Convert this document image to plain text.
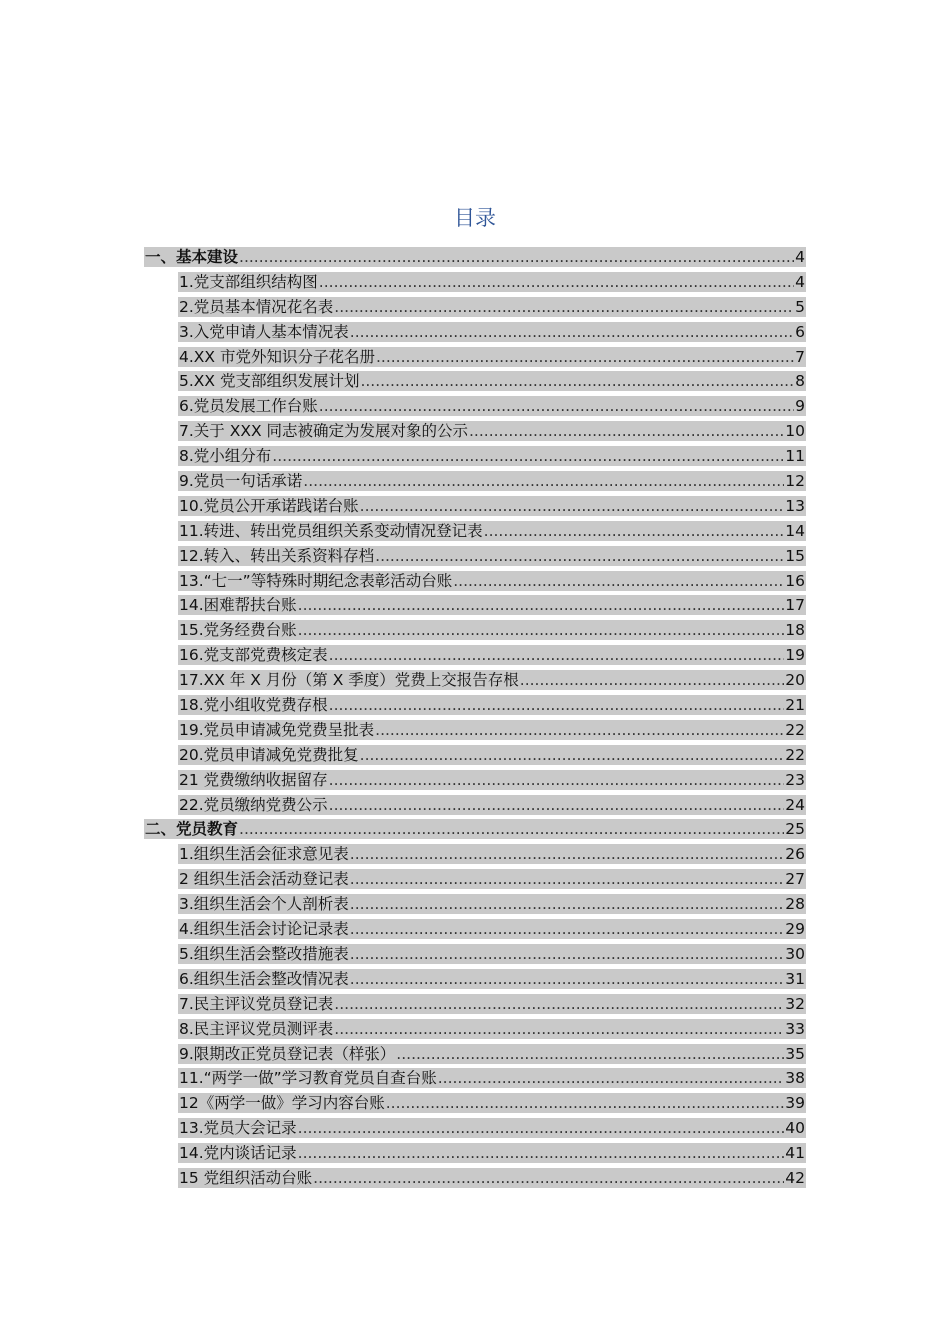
目录
一、基本建设 .....	4
1.党支部组织结构图 .....	4
2.党员基本情况花名表 .....	5
3.入党申请人基本情况表 .....	6
4.XX 市党外知识分子花名册 .....	7
5.XX 党支部组织发展计划 .....	8
6.党员发展工作台账 .....	9
7.关于 XXX 同志被确定为发展对象的公示 .....	10
8.党小组分布 .....	11
9.党员一句话承诺 .....	12
10.党员公开承诺践诺台账 .....	13
11.转进、转出党员组织关系变动情况登记表 .....	14
12.转入、转出关系资料存档 .....	15
13.“七一”等特殊时期纪念表彰活动台账 .....	16
14.困难帮扶台账 .....	17
15.党务经费台账 .....	18
16.党支部党费核定表 .....	19
17.XX 年 X 月份（第 X 季度）党费上交报告存根 .....	20
18.党小组收党费存根 .....	21
19.党员申请减免党费呈批表 .....	22
20.党员申请减免党费批复 .....	22
21 党费缴纳收据留存 .....	23
22.党员缴纳党费公示 .....	24
二、党员教育 .....	25
1.组织生活会征求意见表 .....	26
2 组织生活会活动登记表 .....	27
3.组织生活会个人剖析表 .....	28
4.组织生活会讨论记录表 .....	29
5.组织生活会整改措施表 .....	30
6.组织生活会整改情况表 .....	31
7.民主评议党员登记表 .....	32
8.民主评议党员测评表 .....	33
9.限期改正党员登记表（样张） .....	35
11.“两学一做”学习教育党员自查台账 .....	38
12《两学一做》学习内容台账 .....	39
13.党员大会记录 .....	40
14.党内谈话记录 .....	41
15 党组织活动台账 .....	42
